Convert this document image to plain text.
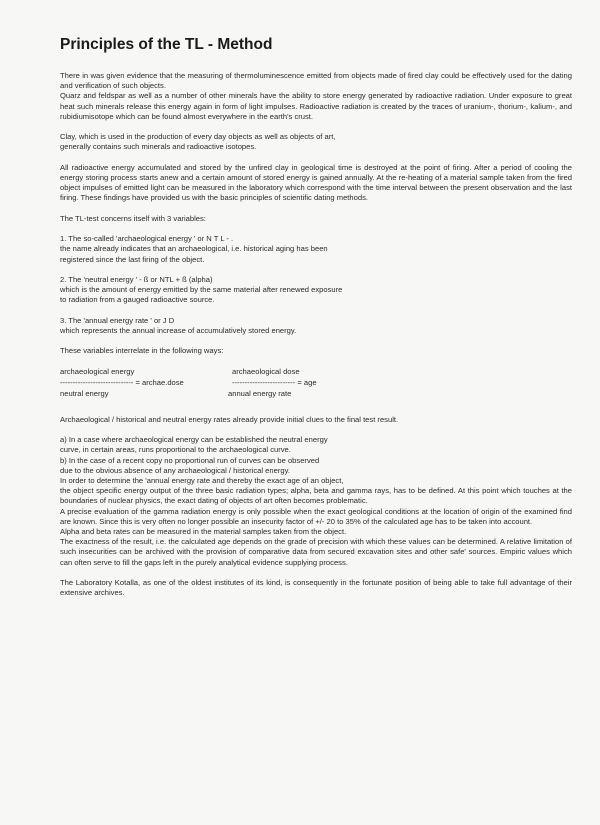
Principles of the TL - Method

There in was given evidence that the measuring of thermoluminescence emitted from objects made of fired clay could be effectively used for the dating and verification of such objects.
Quarz and feldspar as well as a number of other minerals have the ability to store energy generated by radioactive radiation. Under exposure to great heat such minerals release this energy again in form of light impulses. Radioactive radiation is created by the traces of uranium-, thorium-, kalium-, and rubidiumisotope which can be found almost everywhere in the earth's crust.

Clay, which is used in the production of every day objects as well as objects of art,
generally contains such minerals and radioactive isotopes.

All radioactive energy accumulated and stored by the unfired clay in geological time is destroyed at the point of firing. After a period of cooling the energy storing process starts anew and a certain amount of stored energy is gained annually. At the re-heating of a material sample taken from the fired object impulses of emitted light can be measured in the laboratory which correspond with the time interval between the present observation and the last firing. These findings have provided us with the basic principles of scientific dating methods.

The TL-test concerns itself with 3 variables:

1. The so-called 'archaeological energy ' or N T L - .
the name already indicates that an archaeological, i.e. historical aging has been
registered since the last firing of the object.

2. The 'neutral energy ' - ß or NTL + ß (alpha)
which is the amount of energy emitted by the same material after renewed exposure
to radiation from a gauged radioactive source.

3. The 'annual energy rate ' or J D
which represents the annual increase of accumulatively stored energy.

These variables interrelate in the following ways:

archaeological energy
----------------------------- = archae.dose
neutral energy
archaeological dose
------------------------- = age
annual energy rate

Archaeological / historical and neutral energy rates already provide initial clues to the final test result.

a) In a case where archaeological energy can be established the neutral energy
curve, in certain areas, runs proportional to the archaeological curve.
b) In the case of a recent copy no proportional run of curves can be observed
due to the obvious absence of any archaeological / historical energy.
In order to determine the 'annual energy rate and thereby the exact age of an object,
the object specific energy output of the three basic radiation types; alpha, beta and gamma rays, has to be defined. At this point which touches at the boundaries of nuclear physics, the exact dating of objects of art often becomes problematic.
A precise evaluation of the gamma radiation energy is only possible when the exact geological conditions at the location of origin of the examined find are known. Since this is very often no longer possible an insecurity factor of +/- 20 to 35% of the calculated age has to be taken into account.
Alpha and beta rates can be measured in the material samples taken from the object.
The exactness of the result, i.e. the calculated age depends on the grade of precision with which these values can be determined. A relative limitation of such insecurities can be archived with the provision of comparative data from secured excavation sites and other safe' sources. Empiric values which can often serve to fill the gaps left in the purely analytical evidence supplying process.

The Laboratory Kotalla, as one of the oldest institutes of its kind, is consequently in the fortunate position of being able to take full advantage of their extensive archives.
